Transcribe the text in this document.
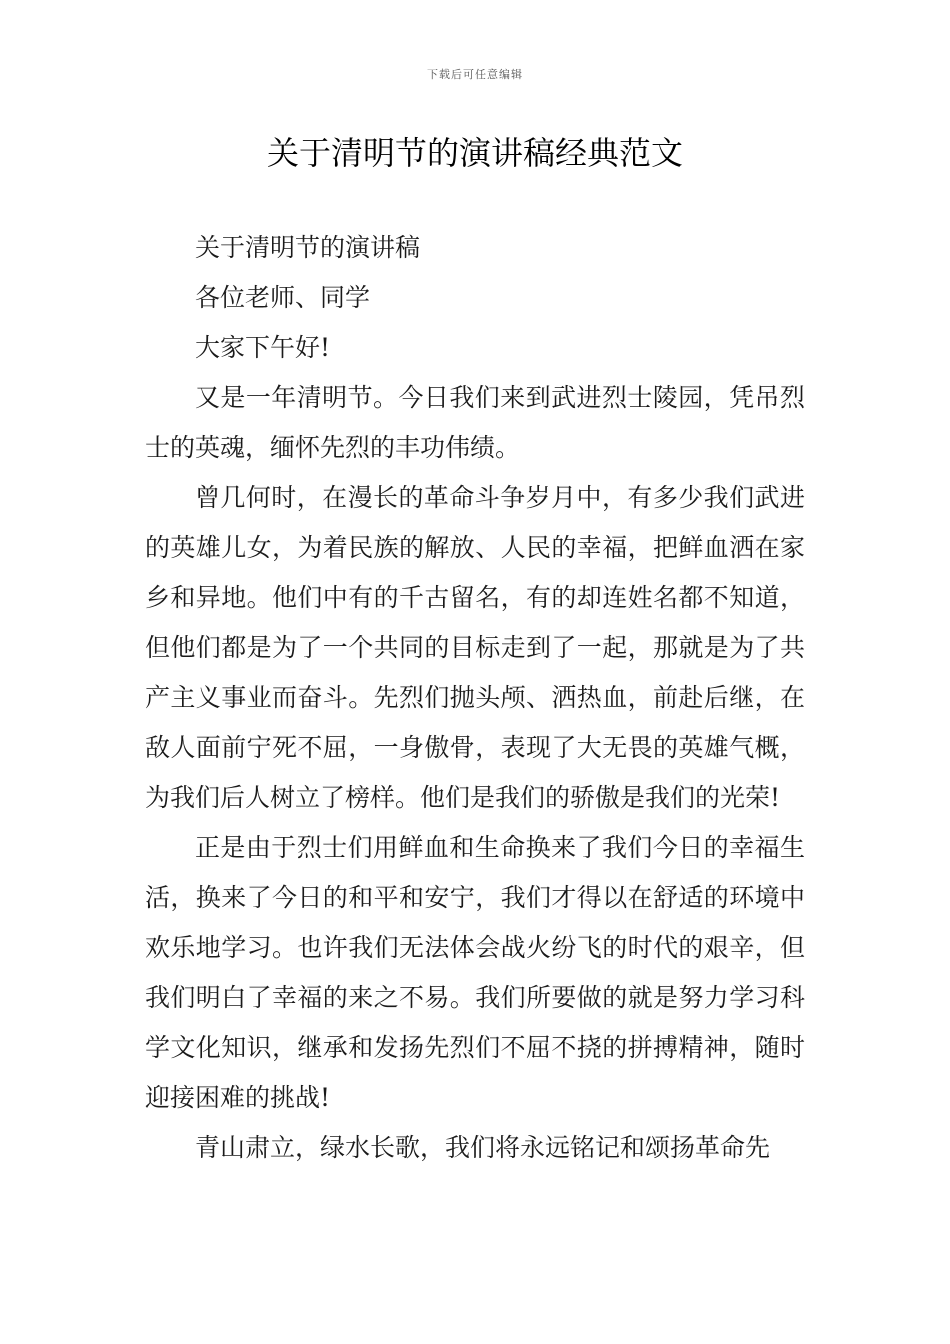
下载后可任意编辑
关于清明节的演讲稿经典范文

关于清明节的演讲稿

各位老师、同学

大家下午好!

又是一年清明节。今日我们来到武进烈士陵园，凭吊烈士的英魂，缅怀先烈的丰功伟绩。

曾几何时，在漫长的革命斗争岁月中，有多少我们武进的英雄儿女，为着民族的解放、人民的幸福，把鲜血洒在家乡和异地。他们中有的千古留名，有的却连姓名都不知道，但他们都是为了一个共同的目标走到了一起，那就是为了共产主义事业而奋斗。先烈们抛头颅、洒热血，前赴后继，在敌人面前宁死不屈，一身傲骨，表现了大无畏的英雄气概，为我们后人树立了榜样。他们是我们的骄傲是我们的光荣!

正是由于烈士们用鲜血和生命换来了我们今日的幸福生活，换来了今日的和平和安宁，我们才得以在舒适的环境中欢乐地学习。也许我们无法体会战火纷飞的时代的艰辛，但我们明白了幸福的来之不易。我们所要做的就是努力学习科学文化知识，继承和发扬先烈们不屈不挠的拼搏精神，随时迎接困难的挑战!

青山肃立，绿水长歌，我们将永远铭记和颂扬革命先
